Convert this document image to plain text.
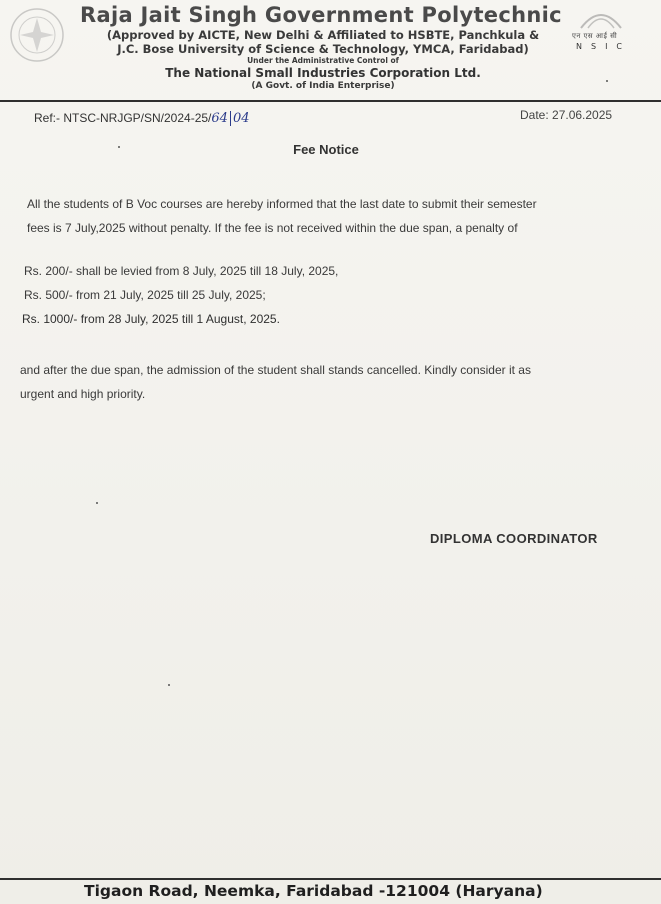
एन एस आई सी
NSIC
Raja Jait Singh Government Polytechnic
(Approved by AICTE, New Delhi & Affiliated to HSBTE, Panchkula &
J.C. Bose University of Science & Technology, YMCA, Faridabad)
Under the Administrative Control of
The National Small Industries Corporation Ltd.
(A Govt. of India Enterprise)
Ref:- NTSC-NRJGP/SN/2024-25/64 04	Date: 27.06.2025
Fee Notice
All the students of B Voc courses are hereby informed that the last date to submit their semester
fees is 7 July,2025 without penalty. If the fee is not received within the due span, a penalty of
Rs. 200/- shall be levied from 8 July, 2025 till 18 July, 2025,
Rs. 500/- from 21 July, 2025 till 25 July, 2025;
Rs. 1000/- from 28 July, 2025 till 1 August, 2025.
and after the due span, the admission of the student shall stands cancelled. Kindly consider it as
urgent and high priority.
DIPLOMA COORDINATOR
Tigaon Road, Neemka, Faridabad -121004 (Haryana)
